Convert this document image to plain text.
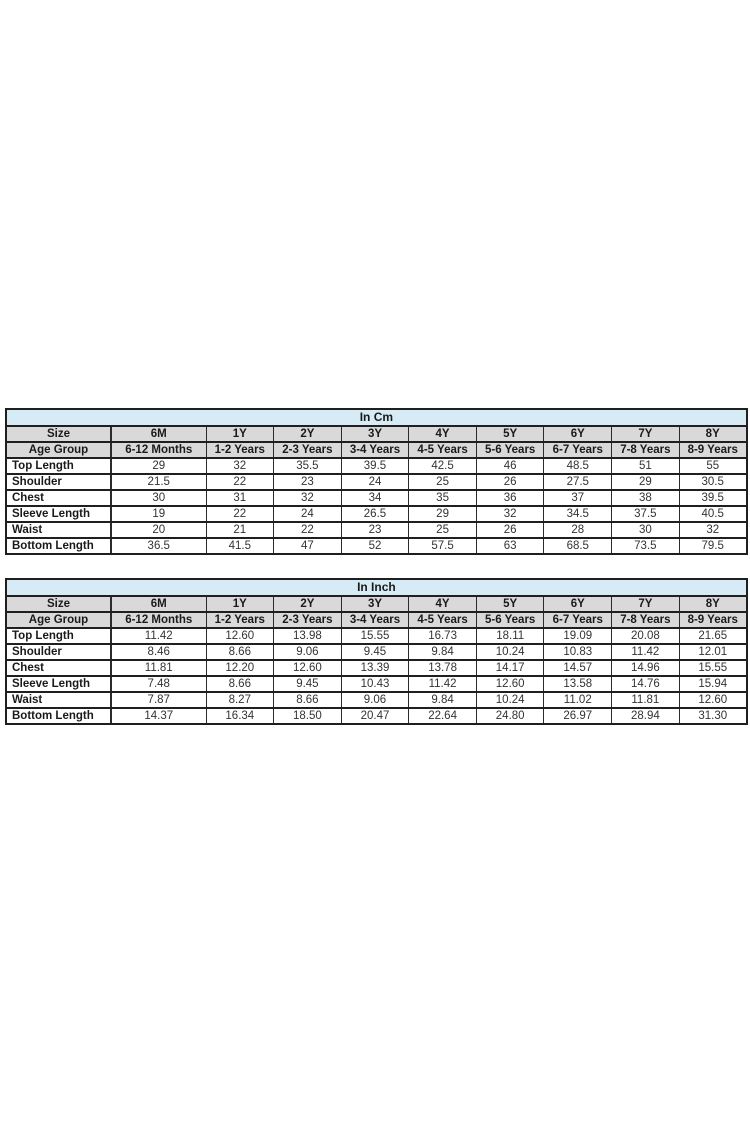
In Cm									
Size	6M	1Y	2Y	3Y	4Y	5Y	6Y	7Y	8Y
Age Group	6-12 Months	1-2 Years	2-3 Years	3-4 Years	4-5 Years	5-6 Years	6-7 Years	7-8 Years	8-9 Years
Top Length	29	32	35.5	39.5	42.5	46	48.5	51	55
Shoulder	21.5	22	23	24	25	26	27.5	29	30.5
Chest	30	31	32	34	35	36	37	38	39.5
Sleeve Length	19	22	24	26.5	29	32	34.5	37.5	40.5
Waist	20	21	22	23	25	26	28	30	32
Bottom Length	36.5	41.5	47	52	57.5	63	68.5	73.5	79.5
In Inch									
Size	6M	1Y	2Y	3Y	4Y	5Y	6Y	7Y	8Y
Age Group	6-12 Months	1-2 Years	2-3 Years	3-4 Years	4-5 Years	5-6 Years	6-7 Years	7-8 Years	8-9 Years
Top Length	11.42	12.60	13.98	15.55	16.73	18.11	19.09	20.08	21.65
Shoulder	8.46	8.66	9.06	9.45	9.84	10.24	10.83	11.42	12.01
Chest	11.81	12.20	12.60	13.39	13.78	14.17	14.57	14.96	15.55
Sleeve Length	7.48	8.66	9.45	10.43	11.42	12.60	13.58	14.76	15.94
Waist	7.87	8.27	8.66	9.06	9.84	10.24	11.02	11.81	12.60
Bottom Length	14.37	16.34	18.50	20.47	22.64	24.80	26.97	28.94	31.30
